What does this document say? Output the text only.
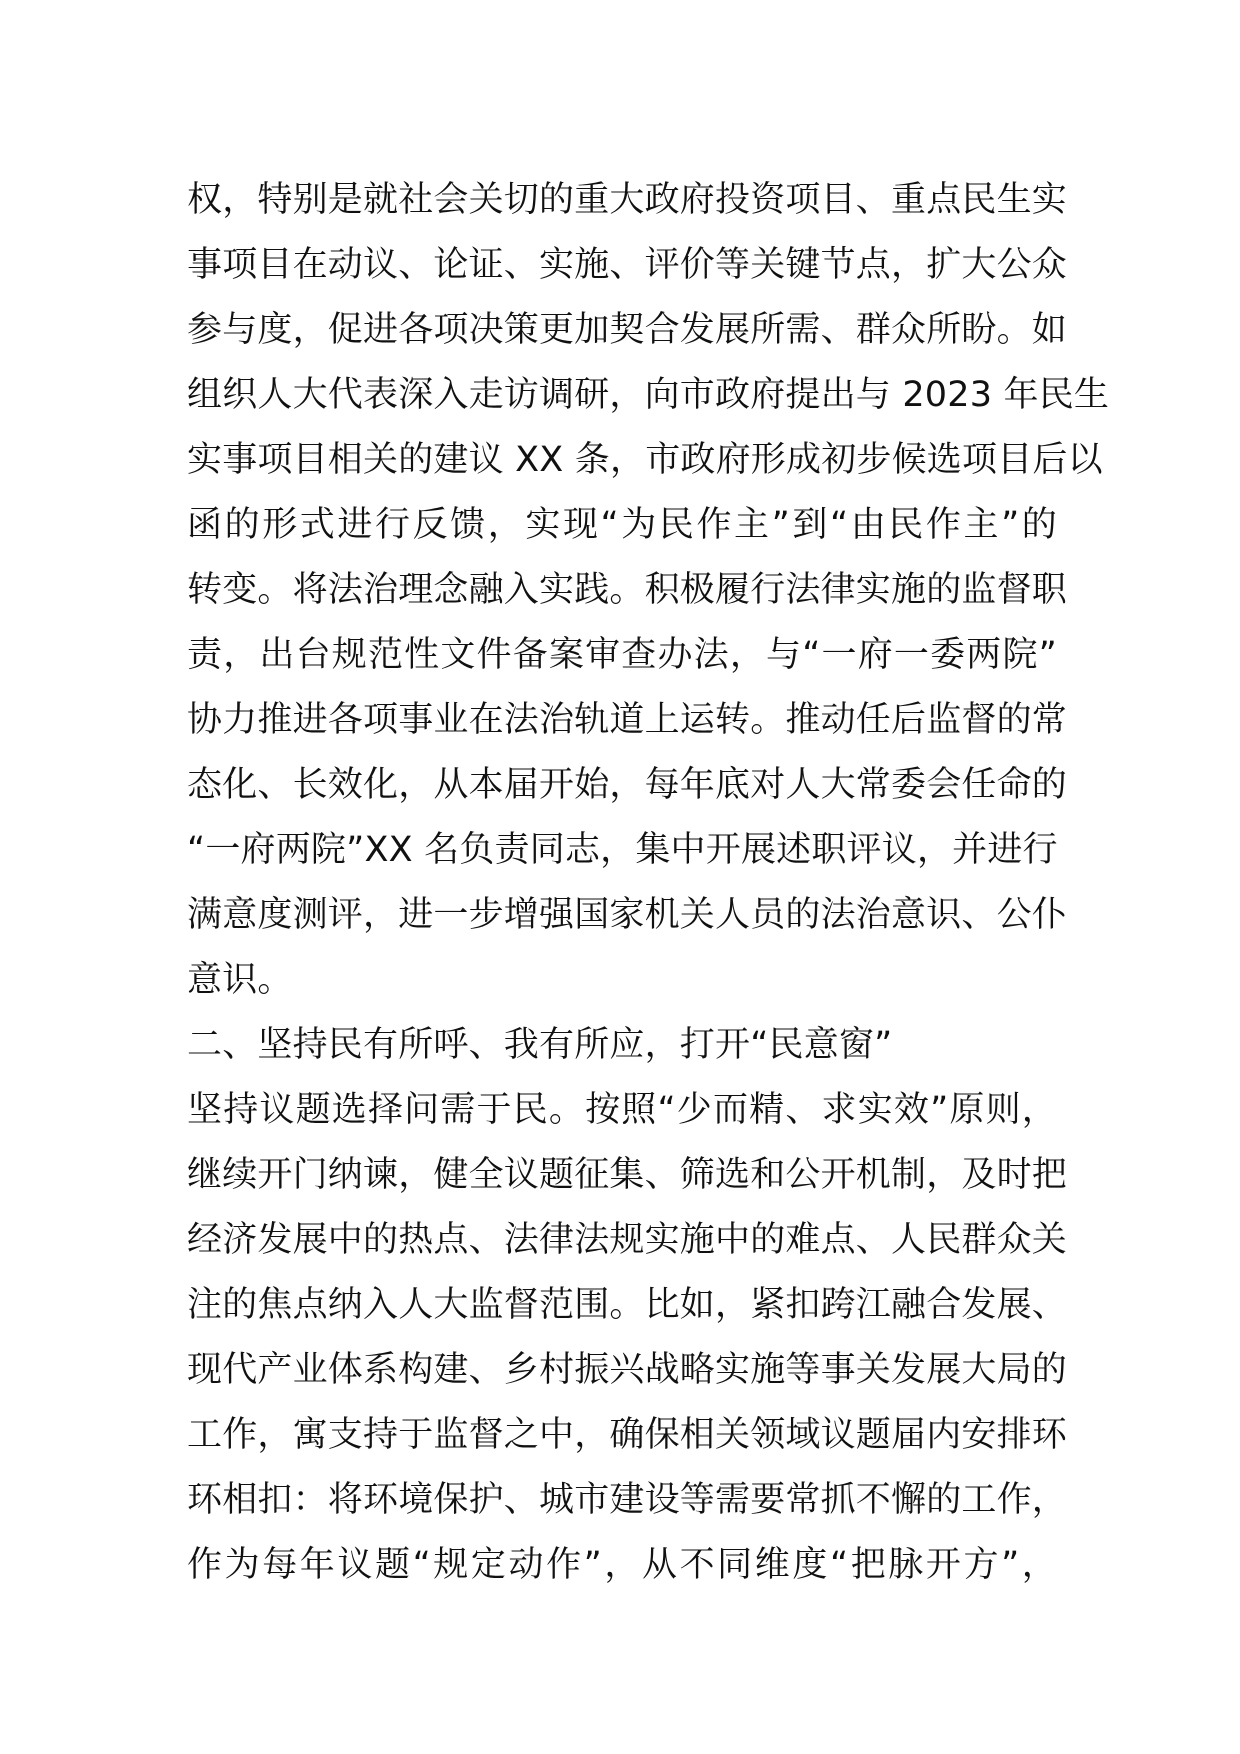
权，特别是就社会关切的重大政府投资项目、重点民生实
事项目在动议、论证、实施、评价等关键节点，扩大公众
参与度，促进各项决策更加契合发展所需、群众所盼。如
组织人大代表深入走访调研，向市政府提出与 2023 年民生
实事项目相关的建议 XX 条，市政府形成初步候选项目后以
函的形式进行反馈，实现“为民作主”到“由民作主”的
转变。将法治理念融入实践。积极履行法律实施的监督职
责，出台规范性文件备案审查办法，与“一府一委两院”
协力推进各项事业在法治轨道上运转。推动任后监督的常
态化、长效化，从本届开始，每年底对人大常委会任命的
“一府两院”XX 名负责同志，集中开展述职评议，并进行
满意度测评，进一步增强国家机关人员的法治意识、公仆
意识。
二、坚持民有所呼、我有所应，打开“民意窗”
坚持议题选择问需于民。按照“少而精、求实效”原则，
继续开门纳谏，健全议题征集、筛选和公开机制，及时把
经济发展中的热点、法律法规实施中的难点、人民群众关
注的焦点纳入人大监督范围。比如，紧扣跨江融合发展、
现代产业体系构建、乡村振兴战略实施等事关发展大局的
工作，寓支持于监督之中，确保相关领域议题届内安排环
环相扣：将环境保护、城市建设等需要常抓不懈的工作，
作为每年议题“规定动作”，从不同维度“把脉开方”，
